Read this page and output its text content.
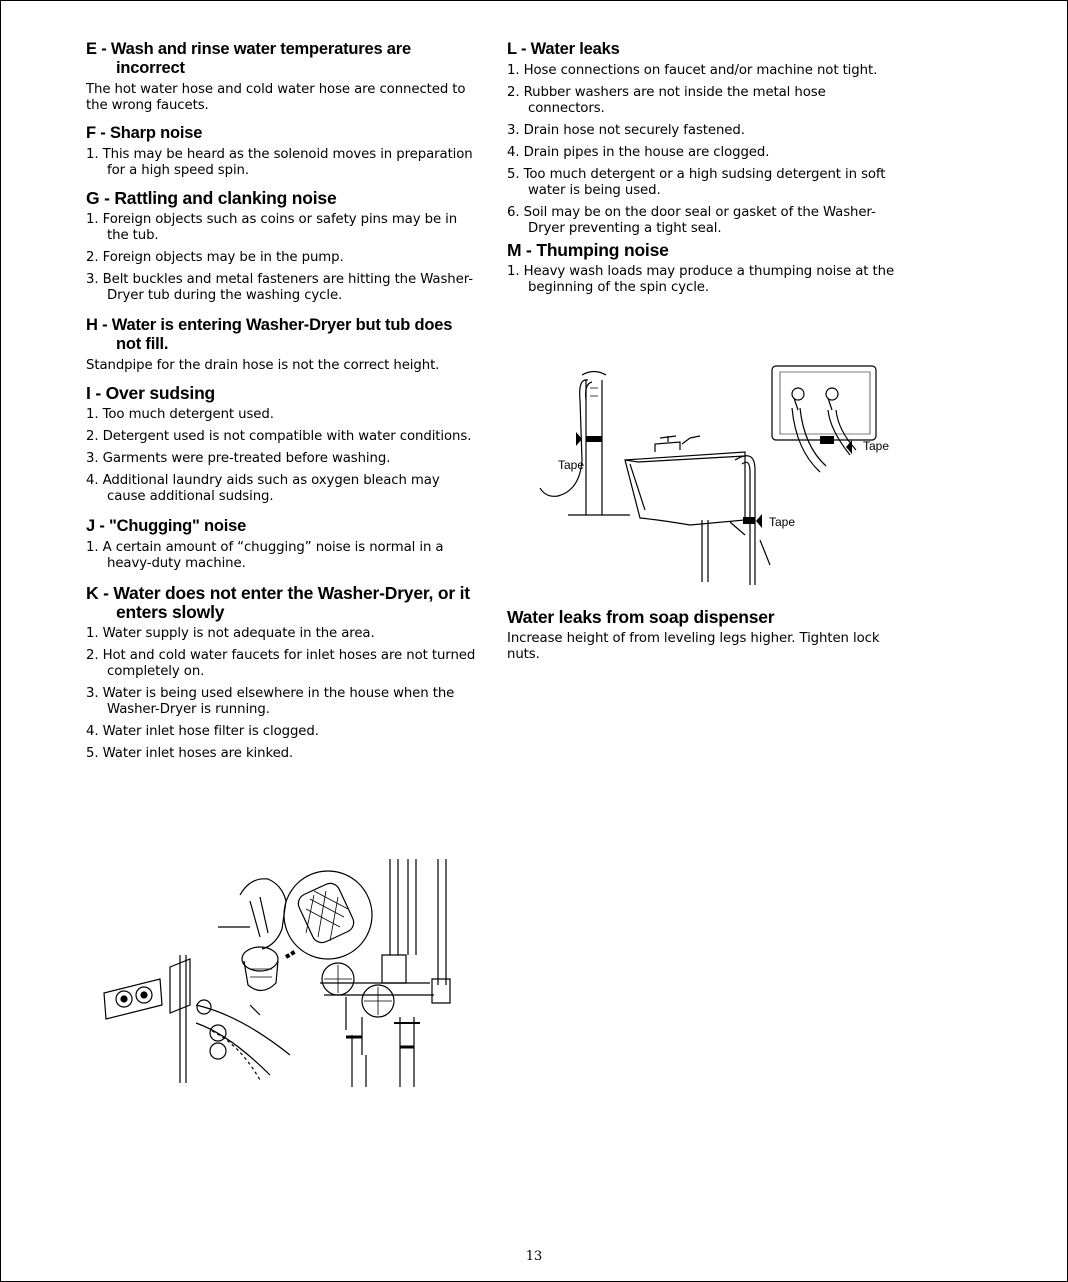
E - Wash and rinse water temperatures are incorrect

The hot water hose and cold water hose are connected to the wrong faucets.

F - Sharp noise
1. This may be heard as the solenoid moves in preparation for a high speed spin.
G - Rattling and clanking noise
1. Foreign objects such as coins or safety pins may be in the tub.
2. Foreign objects may be in the pump.
3. Belt buckles and metal fasteners are hitting the Washer-Dryer tub during the washing cycle.
H - Water is entering Washer-Dryer but tub does not fill.

Standpipe for the drain hose is not the correct height.

I - Over sudsing
1. Too much detergent used.
2. Detergent used is not compatible with water conditions.
3. Garments were pre-treated before washing.
4. Additional laundry aids such as oxygen bleach may cause additional sudsing.
J - "Chugging" noise
1. A certain amount of “chugging” noise is normal in a heavy-duty machine.
K - Water does not enter the Washer-Dryer, or it enters slowly
1. Water supply is not adequate in the area.
2. Hot and cold water faucets for inlet hoses are not turned completely on.
3. Water is being used elsewhere in the house when the Washer-Dryer is running.
4. Water inlet hose filter is clogged.
5. Water inlet hoses are kinked.
L - Water leaks
1. Hose connections on faucet and/or machine not tight.
2. Rubber washers are not inside the metal hose connectors.
3. Drain hose not securely fastened.
4. Drain pipes in the house are clogged.
5. Too much detergent or a high sudsing detergent in soft water is being used.
6. Soil may be on the door seal or gasket of the Washer-Dryer preventing a tight seal.
M - Thumping noise
1. Heavy wash loads may produce a thumping noise at the beginning of the spin cycle.
Water leaks from soap dispenser

Increase height of from leveling legs higher. Tighten lock nuts.

Tape
Tape
Tape
13
